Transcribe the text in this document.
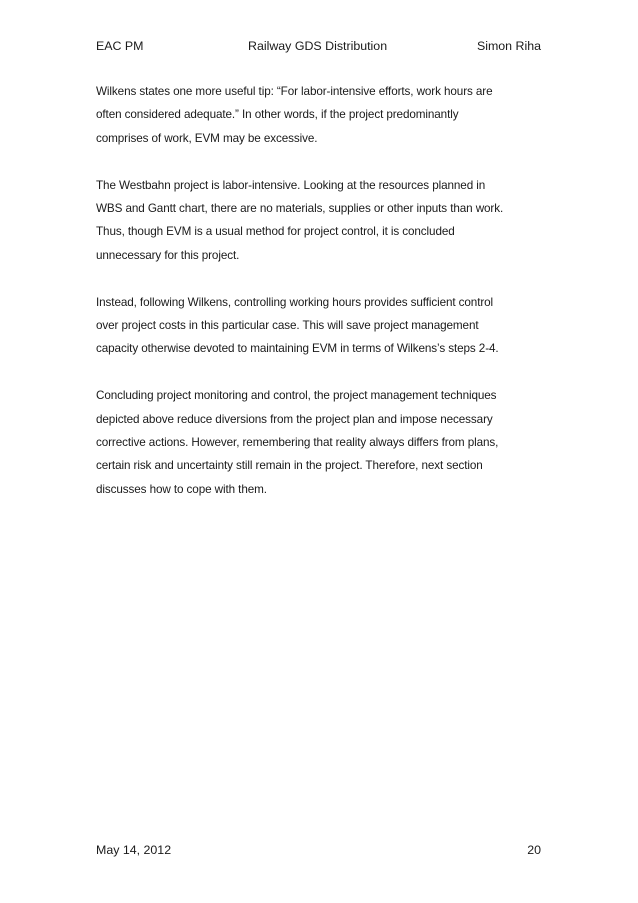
EAC PM	Railway GDS Distribution	Simon Riha

Wilkens states one more useful tip: “For labor-intensive efforts, work hours are
often considered adequate.” In other words, if the project predominantly
comprises of work, EVM may be excessive.

The Westbahn project is labor-intensive. Looking at the resources planned in
WBS and Gantt chart, there are no materials, supplies or other inputs than work.
Thus, though EVM is a usual method for project control, it is concluded
unnecessary for this project.

Instead, following Wilkens, controlling working hours provides sufficient control
over project costs in this particular case. This will save project management
capacity otherwise devoted to maintaining EVM in terms of Wilkens’s steps 2-4.

Concluding project monitoring and control, the project management techniques
depicted above reduce diversions from the project plan and impose necessary
corrective actions. However, remembering that reality always differs from plans,
certain risk and uncertainty still remain in the project. Therefore, next section
discusses how to cope with them.

May 14, 2012	20
